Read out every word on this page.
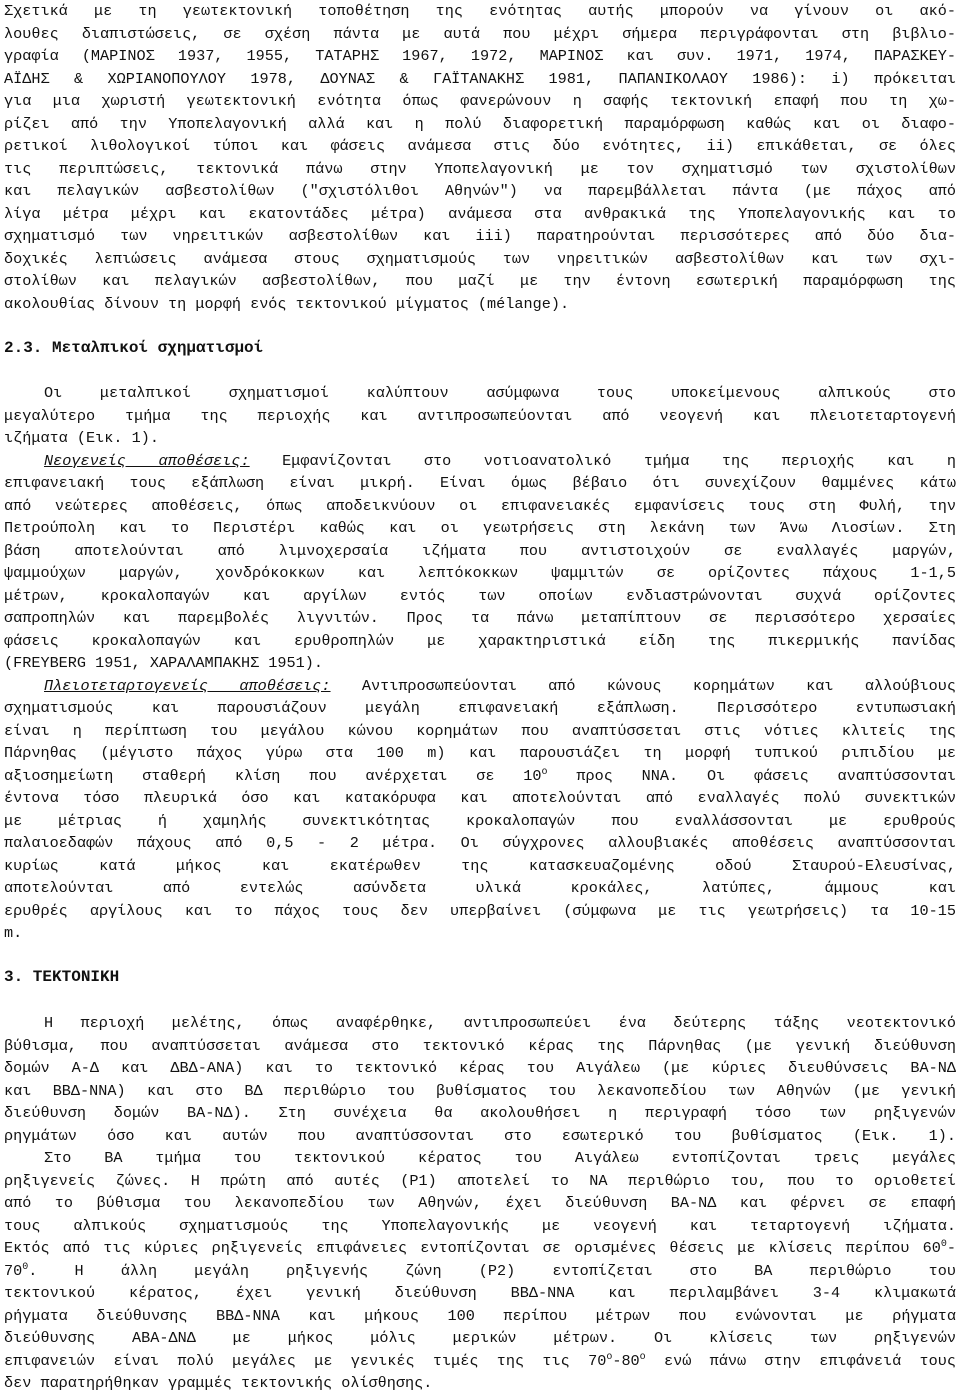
Σχετικά με τη γεωτεκτονική τοποθέτηση της ενότητας αυτής μπορούν να γίνουν οι ακό-
λουθες διαπιστώσεις, σε σχέση πάντα με αυτά που μέχρι σήμερα περιγράφονται στη βιβλιο-
γραφία (ΜΑΡΙΝΟΣ 1937, 1955, ΤΑΤΑΡΗΣ 1967, 1972, ΜΑΡΙΝΟΣ και συν. 1971, 1974, ΠΑΡΑΣΚΕΥ-
ΑΪΔΗΣ & ΧΩΡΙΑΝΟΠΟΥΛΟΥ 1978, ΔΟΥΝΑΣ & ΓΑΪΤΑΝΑΚΗΣ 1981, ΠΑΠΑΝΙΚΟΛΑΟΥ 1986): i) πρόκειται
για μια χωριστή γεωτεκτονική ενότητα όπως φανερώνουν η σαφής τεκτονική επαφή που τη χω-
ρίζει από την Υποπελαγονική αλλά και η πολύ διαφορετική παραμόρφωση καθώς και οι διαφο-
ρετικοί λιθολογικοί τύποι και φάσεις ανάμεσα στις δύο ενότητες, ii) επικάθεται, σε όλες
τις περιπτώσεις, τεκτονικά πάνω στην Υποπελαγονική με τον σχηματισμό των σχιστολίθων
και πελαγικών ασβεστολίθων ("σχιστόλιθοι Αθηνών") να παρεμβάλλεται πάντα (με πάχος από
λίγα μέτρα μέχρι και εκατοντάδες μέτρα) ανάμεσα στα ανθρακικά της Υποπελαγονικής και το
σχηματισμό των νηρειτικών ασβεστολίθων και iii) παρατηρούνται περισσότερες από δύο δια-
δοχικές λεπιώσεις ανάμεσα στους σχηματισμούς των νηρειτικών ασβεστολίθων και των σχι-
στολίθων και πελαγικών ασβεστολίθων, που μαζί με την έντονη εσωτερική παραμόρφωση της
ακολουθίας δίνουν τη μορφή ενός τεκτονικού μίγματος (mélange).
2.3. Μεταλπικοί σχηματισμοί
Οι μεταλπικοί σχηματισμοί καλύπτουν ασύμφωνα τους υποκείμενους αλπικούς στο
μεγαλύτερο τμήμα της περιοχής και αντιπροσωπεύονται από νεογενή και πλειοτεταρτογενή
ιζήματα (Εικ. 1).
Νεογενείς αποθέσεις: Εμφανίζονται στο νοτιοανατολικό τμήμα της περιοχής και η
επιφανειακή τους εξάπλωση είναι μικρή. Είναι όμως βέβαιο ότι συνεχίζουν θαμμένες κάτω
από νεώτερες αποθέσεις, όπως αποδεικνύουν οι επιφανειακές εμφανίσεις τους στη Φυλή, την
Πετρούπολη και το Περιστέρι καθώς και οι γεωτρήσεις στη λεκάνη των Άνω Λιοσίων. Στη
βάση αποτελούνται από λιμνοχερσαία ιζήματα που αντιστοιχούν σε εναλλαγές μαργών,
ψαμμούχων μαργών, χονδρόκοκκων και λεπτόκοκκων ψαμμιτών σε ορίζοντες πάχους 1-1,5
μέτρων, κροκαλοπαγών και αργίλων εντός των οποίων ενδιαστρώνονται συχνά ορίζοντες
σαπροπηλών και παρεμβολές λιγνιτών. Προς τα πάνω μεταπίπτουν σε περισσότερο χερσαίες
φάσεις κροκαλοπαγών και ερυθροπηλών με χαρακτηριστικά είδη της πικερμικής πανίδας
(FREYBERG 1951, ΧΑΡΑΛΑΜΠΑΚΗΣ 1951).
Πλειοτεταρτογενείς αποθέσεις: Αντιπροσωπεύονται από κώνους κορημάτων και αλλούβιους
σχηματισμούς και παρουσιάζουν μεγάλη επιφανειακή εξάπλωση. Περισσότερο εντυπωσιακή
είναι η περίπτωση του μεγάλου κώνου κορημάτων που αναπτύσσεται στις νότιες κλιτείς της
Πάρνηθας (μέγιστο πάχος γύρω στα 100 m) και παρουσιάζει τη μορφή τυπικού ριπιδίου με
αξιοσημείωτη σταθερή κλίση που ανέρχεται σε $10^o$ προς ΝΝΑ. Οι φάσεις αναπτύσσονται
έντονα τόσο πλευρικά όσο και κατακόρυφα και αποτελούνται από εναλλαγές πολύ συνεκτικών
με μέτριας ή χαμηλής συνεκτικότητας κροκαλοπαγών που εναλλάσσονται με ερυθρούς
παλαιοεδαφών πάχους από 0,5 - 2 μέτρα. Οι σύγχρονες αλλουβιακές αποθέσεις αναπτύσσονται
κυρίως κατά μήκος και εκατέρωθεν της κατασκευαζομένης οδού Σταυρού-Ελευσίνας,
αποτελούνται από εντελώς ασύνδετα υλικά κροκάλες, λατύπες, άμμους και
ερυθρές αργίλους και το πάχος τους δεν υπερβαίνει (σύμφωνα με τις γεωτρήσεις) τα 10-15
m.
3. ΤΕΚΤΟΝΙΚΗ
Η περιοχή μελέτης, όπως αναφέρθηκε, αντιπροσωπεύει ένα δεύτερης τάξης νεοτεκτονικό
βύθισμα, που αναπτύσσεται ανάμεσα στο τεκτονικό κέρας της Πάρνηθας (με γενική διεύθυνση
δομών Α-Δ και ΔΒΔ-ΑΝΑ) και το τεκτονικό κέρας του Αιγάλεω (με κύριες διευθύνσεις ΒΑ-ΝΔ
και ΒΒΔ-ΝΝΑ) και στο ΒΔ περιθώριο του βυθίσματος του λεκανοπεδίου των Αθηνών (με γενική
διεύθυνση δομών ΒΑ-ΝΔ). Στη συνέχεια θα ακολουθήσει η περιγραφή τόσο των ρηξιγενών
ρηγμάτων όσο και αυτών που αναπτύσσονται στο εσωτερικό του βυθίσματος (Εικ. 1).
Στο ΒΑ τμήμα του τεκτονικού κέρατος του Αιγάλεω εντοπίζονται τρεις μεγάλες
ρηξιγενείς ζώνες. Η πρώτη από αυτές (Ρ1) αποτελεί το ΝΑ περιθώριο του, που το οριοθετεί
από το βύθισμα του λεκανοπεδίου των Αθηνών, έχει διεύθυνση ΒΑ-ΝΔ και φέρνει σε επαφή
τους αλπικούς σχηματισμούς της Υποπελαγονικής με νεογενή και τεταρτογενή ιζήματα.
Εκτός από τις κύριες ρηξιγενείς επιφάνειες εντοπίζονται σε ορισμένες θέσεις με κλίσεις περίπου $60^0-$
$70^0$. Η άλλη μεγάλη ρηξιγενής ζώνη (Ρ2) εντοπίζεται στο ΒΑ περιθώριο του
τεκτονικού κέρατος, έχει γενική διεύθυνση ΒΒΔ-ΝΝΑ και περιλαμβάνει 3-4 κλιμακωτά
ρήγματα διεύθυνσης ΒΒΔ-ΝΝΑ και μήκους 100 περίπου μέτρων που ενώνονται με ρήγματα
διεύθυνσης ΑΒΑ-ΔΝΔ με μήκος μόλις μερικών μέτρων. Οι κλίσεις των ρηξιγενών
επιφανειών είναι πολύ μεγάλες με γενικές τιμές της τις $70^o-80^o$ ενώ πάνω στην επιφάνειά τους
δεν παρατηρήθηκαν γραμμές τεκτονικής ολίσθησης.
